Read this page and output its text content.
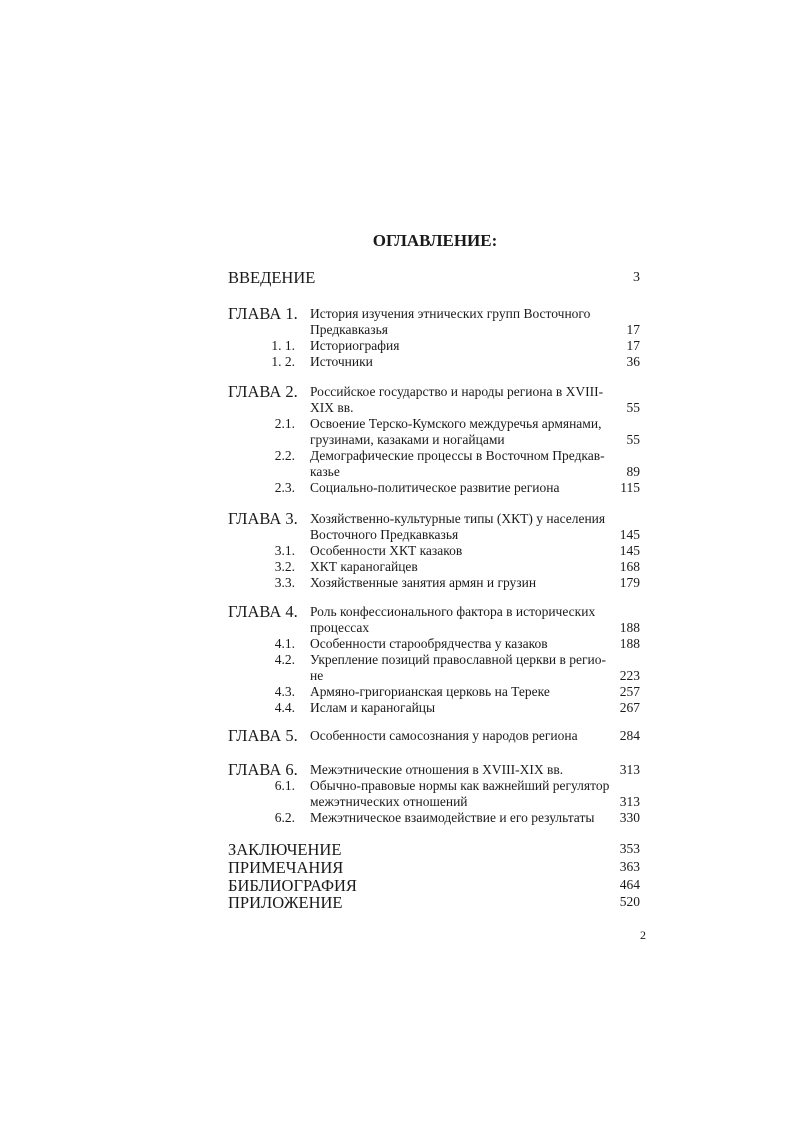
ОГЛАВЛЕНИЕ:
ВВЕДЕНИЕ	3
ГЛАВА 1. История изучения этнических групп Восточного
Предкавказья	17
1. 1. Историография	17
1. 2. Источники	36
ГЛАВА 2. Российское государство и народы региона в XVIII-
XIX вв.	55
2.1. Освоение Терско-Кумского междуречья армянами,
грузинами, казаками и ногайцами	55
2.2. Демографические процессы в Восточном Предкав-
казье	89
2.3. Социально-политическое развитие региона	115
ГЛАВА 3. Хозяйственно-культурные типы (ХКТ) у населения
Восточного Предкавказья	145
3.1. Особенности ХКТ казаков	145
3.2. ХКТ караногайцев	168
3.3. Хозяйственные занятия армян и грузин	179
ГЛАВА 4. Роль конфессионального фактора в исторических
процессах	188
4.1. Особенности старообрядчества у казаков	188
4.2. Укрепление позиций православной церкви в регио-
не	223
4.3. Армяно-григорианская церковь на Тереке	257
4.4. Ислам и караногайцы	267
ГЛАВА 5. Особенности самосознания у народов региона	284
ГЛАВА 6. Межэтнические отношения в XVIII-XIX вв.	313
6.1. Обычно-правовые нормы как важнейший регулятор
межэтнических отношений	313
6.2. Межэтническое взаимодействие и его результаты	330
ЗАКЛЮЧЕНИЕ	353
ПРИМЕЧАНИЯ	363
БИБЛИОГРАФИЯ	464
ПРИЛОЖЕНИЕ	520
2
